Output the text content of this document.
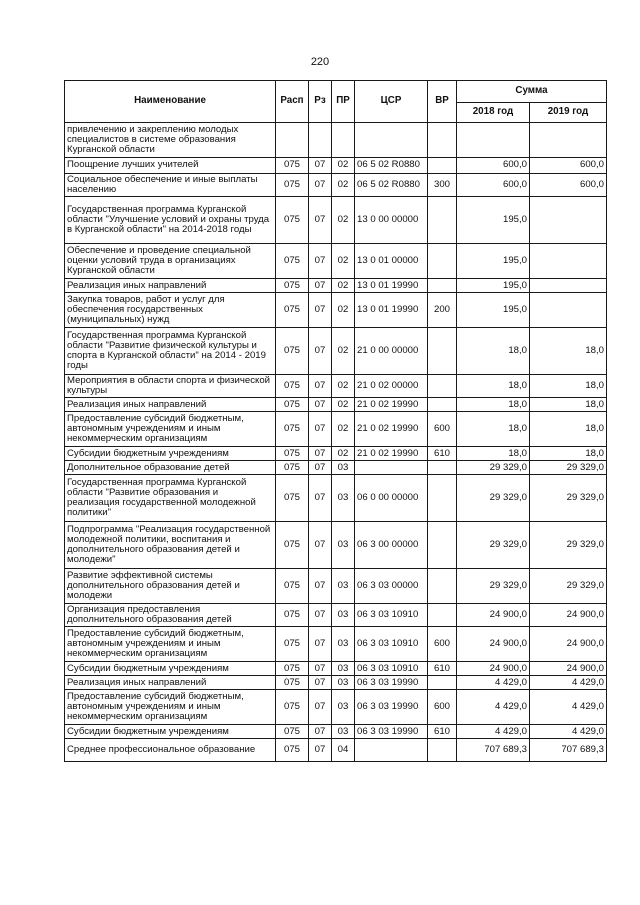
220
Наименование	Расп	Рз	ПР	ЦСР	ВР	Сумма	
						2018 год	2019 год
привлечению и закреплению молодых специалистов в системе образования Курганской области							
Поощрение лучших учителей	075	07	02	06 5 02 R0880		600,0	600,0
Социальное обеспечение и иные выплаты населению	075	07	02	06 5 02 R0880	300	600,0	600,0
Государственная программа Курганской области "Улучшение условий и охраны труда в Курганской области" на 2014-2018 годы	075	07	02	13 0 00 00000		195,0	
Обеспечение и проведение специальной оценки условий труда в организациях Курганской области	075	07	02	13 0 01 00000		195,0	
Реализация иных направлений	075	07	02	13 0 01 19990		195,0	
Закупка товаров, работ и услуг для обеспечения государственных (муниципальных) нужд	075	07	02	13 0 01 19990	200	195,0	
Государственная программа Курганской области "Развитие физической культуры и спорта в Курганской области" на 2014 - 2019 годы	075	07	02	21 0 00 00000		18,0	18,0
Мероприятия в области спорта и физической культуры	075	07	02	21 0 02 00000		18,0	18,0
Реализация иных направлений	075	07	02	21 0 02 19990		18,0	18,0
Предоставление субсидий бюджетным, автономным учреждениям и иным некоммерческим организациям	075	07	02	21 0 02 19990	600	18,0	18,0
Субсидии бюджетным учреждениям	075	07	02	21 0 02 19990	610	18,0	18,0
Дополнительное образование детей	075	07	03			29 329,0	29 329,0
Государственная программа Курганской области "Развитие образования и реализация государственной молодежной политики"	075	07	03	06 0 00 00000		29 329,0	29 329,0
Подпрограмма "Реализация государственной молодежной политики, воспитания и дополнительного образования детей и молодежи"	075	07	03	06 3 00 00000		29 329,0	29 329,0
Развитие эффективной системы дополнительного образования детей и молодежи	075	07	03	06 3 03 00000		29 329,0	29 329,0
Организация предоставления дополнительного образования детей	075	07	03	06 3 03 10910		24 900,0	24 900,0
Предоставление субсидий бюджетным, автономным учреждениям и иным некоммерческим организациям	075	07	03	06 3 03 10910	600	24 900,0	24 900,0
Субсидии бюджетным учреждениям	075	07	03	06 3 03 10910	610	24 900,0	24 900,0
Реализация иных направлений	075	07	03	06 3 03 19990		4 429,0	4 429,0
Предоставление субсидий бюджетным, автономным учреждениям и иным некоммерческим организациям	075	07	03	06 3 03 19990	600	4 429,0	4 429,0
Субсидии бюджетным учреждениям	075	07	03	06 3 03 19990	610	4 429,0	4 429,0
Среднее профессиональное образование	075	07	04			707 689,3	707 689,3
